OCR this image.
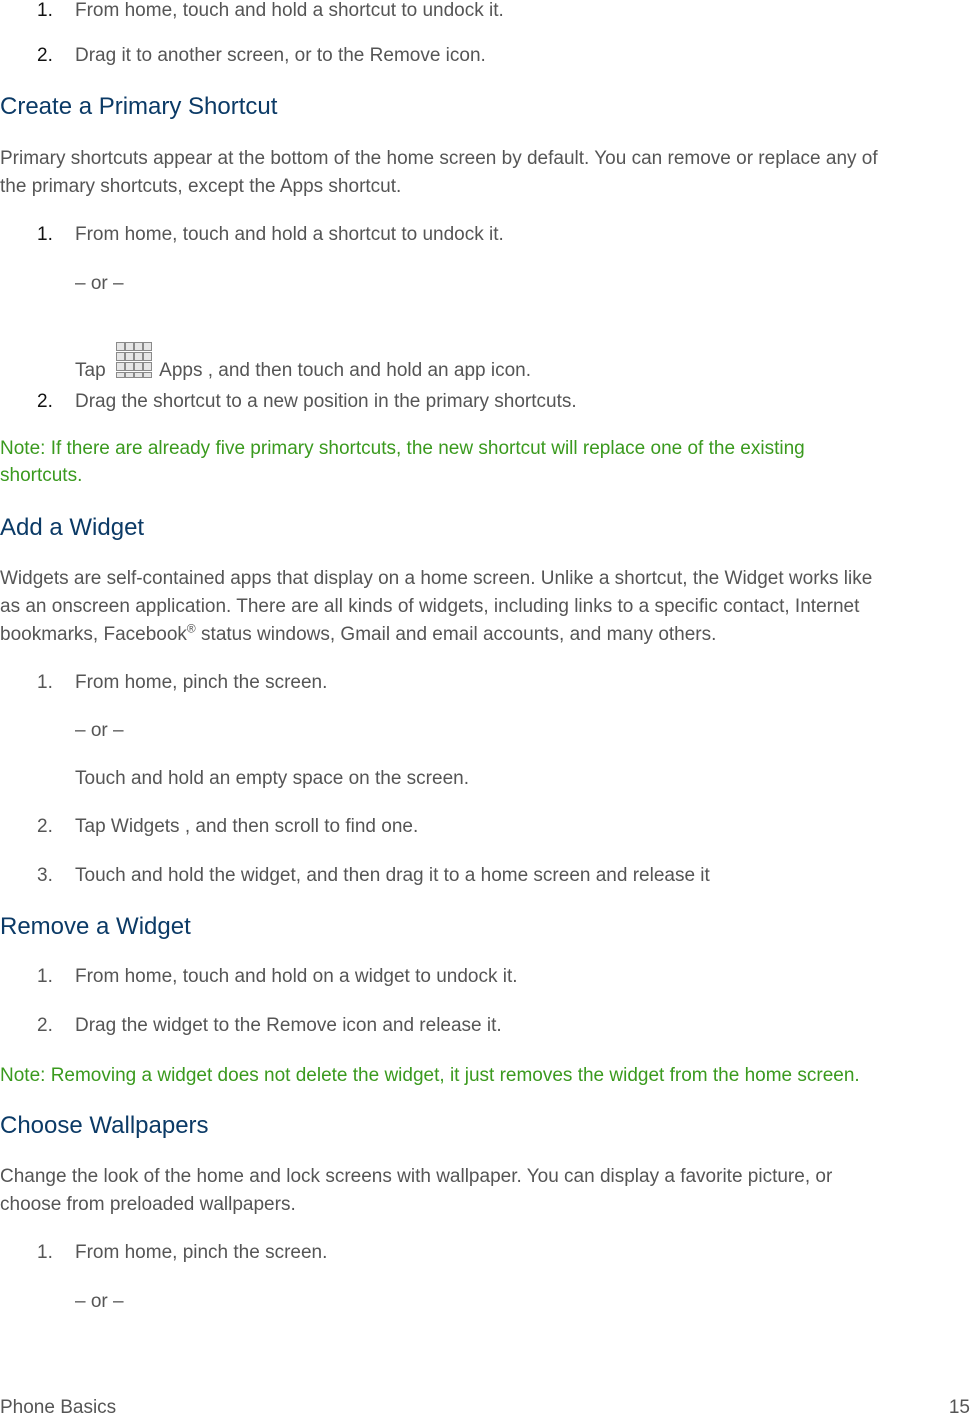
1. From home, touch and hold a shortcut to undock it.
2. Drag it to another screen, or to the Remove icon.
Create a Primary Shortcut
Primary shortcuts appear at the bottom of the home screen by default. You can remove or replace any of
the primary shortcuts, except the Apps shortcut.
1. From home, touch and hold a shortcut to undock it.
– or –
Tap	Apps , and then touch and hold an app icon.
2. Drag the shortcut to a new position in the primary shortcuts.
Note: If there are already five primary shortcuts, the new shortcut will replace one of the existing
shortcuts.
Add a Widget
Widgets are self-contained apps that display on a home screen. Unlike a shortcut, the Widget works like
as an onscreen application. There are all kinds of widgets, including links to a specific contact, Internet
bookmarks, Facebook® status windows, Gmail and email accounts, and many others.
1. From home, pinch the screen.
– or –
Touch and hold an empty space on the screen.
2. Tap Widgets , and then scroll to find one.
3. Touch and hold the widget, and then drag it to a home screen and release it
Remove a Widget
1. From home, touch and hold on a widget to undock it.
2. Drag the widget to the Remove icon and release it.
Note: Removing a widget does not delete the widget, it just removes the widget from the home screen.
Choose Wallpapers
Change the look of the home and lock screens with wallpaper. You can display a favorite picture, or
choose from preloaded wallpapers.
1. From home, pinch the screen.
– or –
Phone Basics	15
